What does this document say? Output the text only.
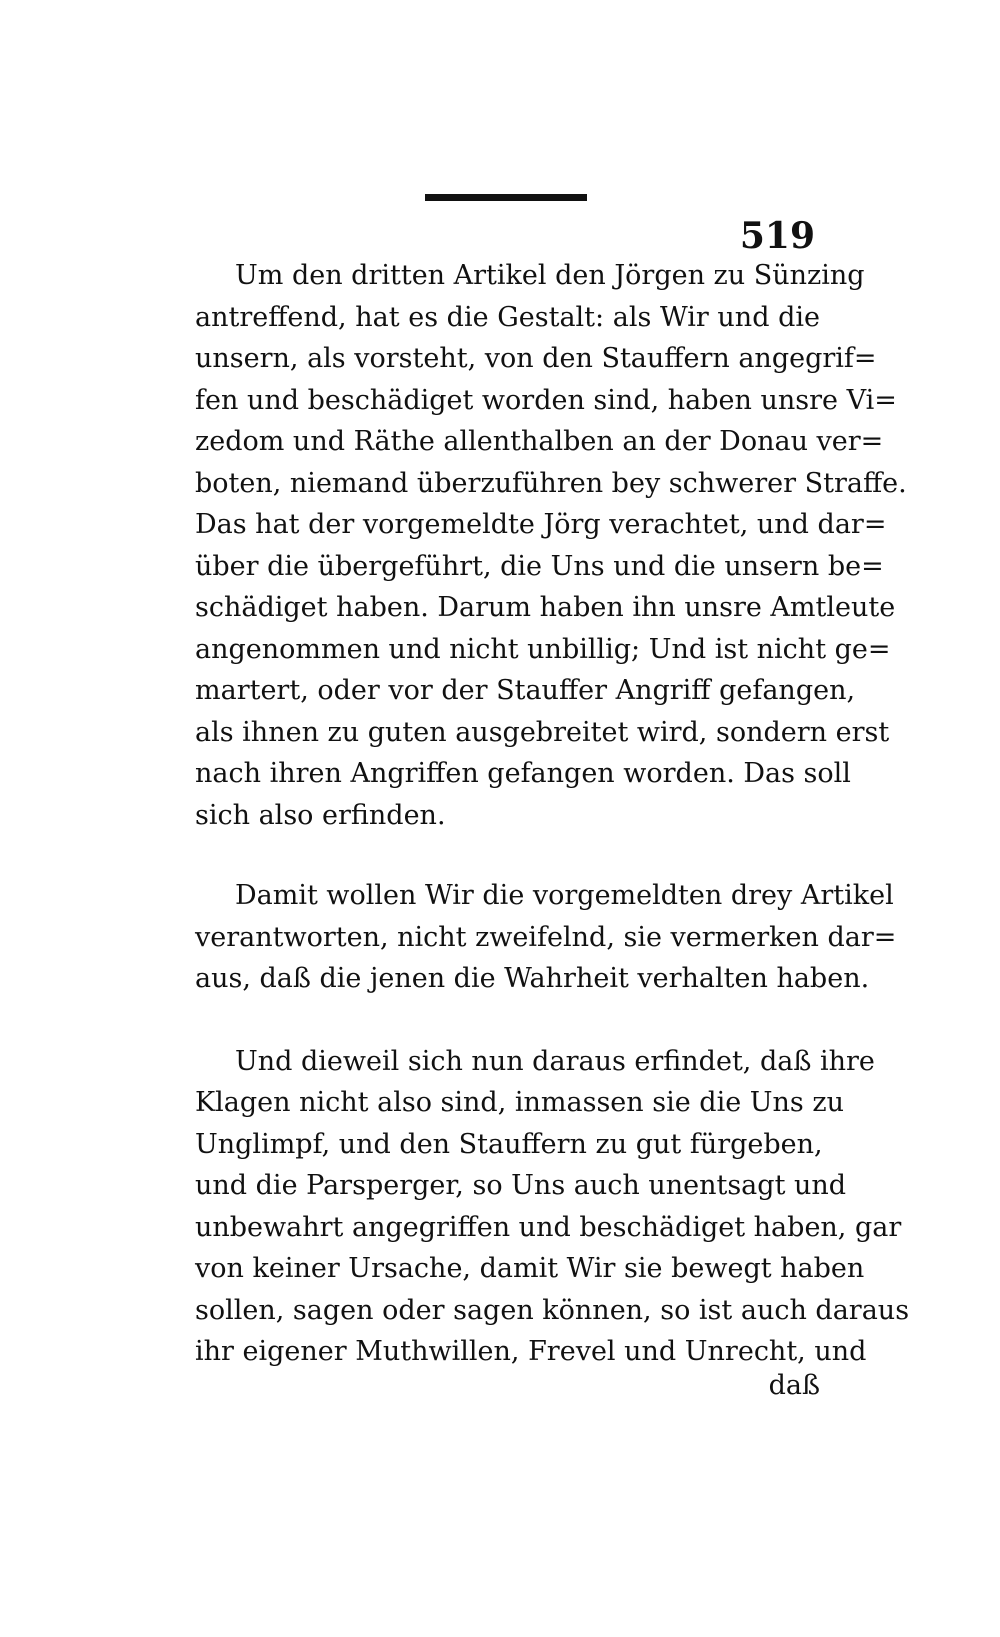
519
Um den dritten Artikel den Jörgen zu Sünzing
antreffend, hat es die Gestalt: als Wir und die
unsern, als vorsteht, von den Stauffern angegrif=
fen und beschädiget worden sind, haben unsre Vi=
zedom und Räthe allenthalben an der Donau ver=
boten, niemand überzuführen bey schwerer Straffe.
Das hat der vorgemeldte Jörg verachtet, und dar=
über die übergeführt, die Uns und die unsern be=
schädiget haben. Darum haben ihn unsre Amtleute
angenommen und nicht unbillig; Und ist nicht ge=
martert, oder vor der Stauffer Angriff gefangen,
als ihnen zu guten ausgebreitet wird, sondern erst
nach ihren Angriffen gefangen worden. Das soll
sich also erfinden.
Damit wollen Wir die vorgemeldten drey Artikel
verantworten, nicht zweifelnd, sie vermerken dar=
aus, daß die jenen die Wahrheit verhalten haben.
Und dieweil sich nun daraus erfindet, daß ihre
Klagen nicht also sind, inmassen sie die Uns zu
Unglimpf, und den Stauffern zu gut fürgeben,
und die Parsperger, so Uns auch unentsagt und
unbewahrt angegriffen und beschädiget haben, gar
von keiner Ursache, damit Wir sie bewegt haben
sollen, sagen oder sagen können, so ist auch daraus
ihr eigener Muthwillen, Frevel und Unrecht, und
daß
